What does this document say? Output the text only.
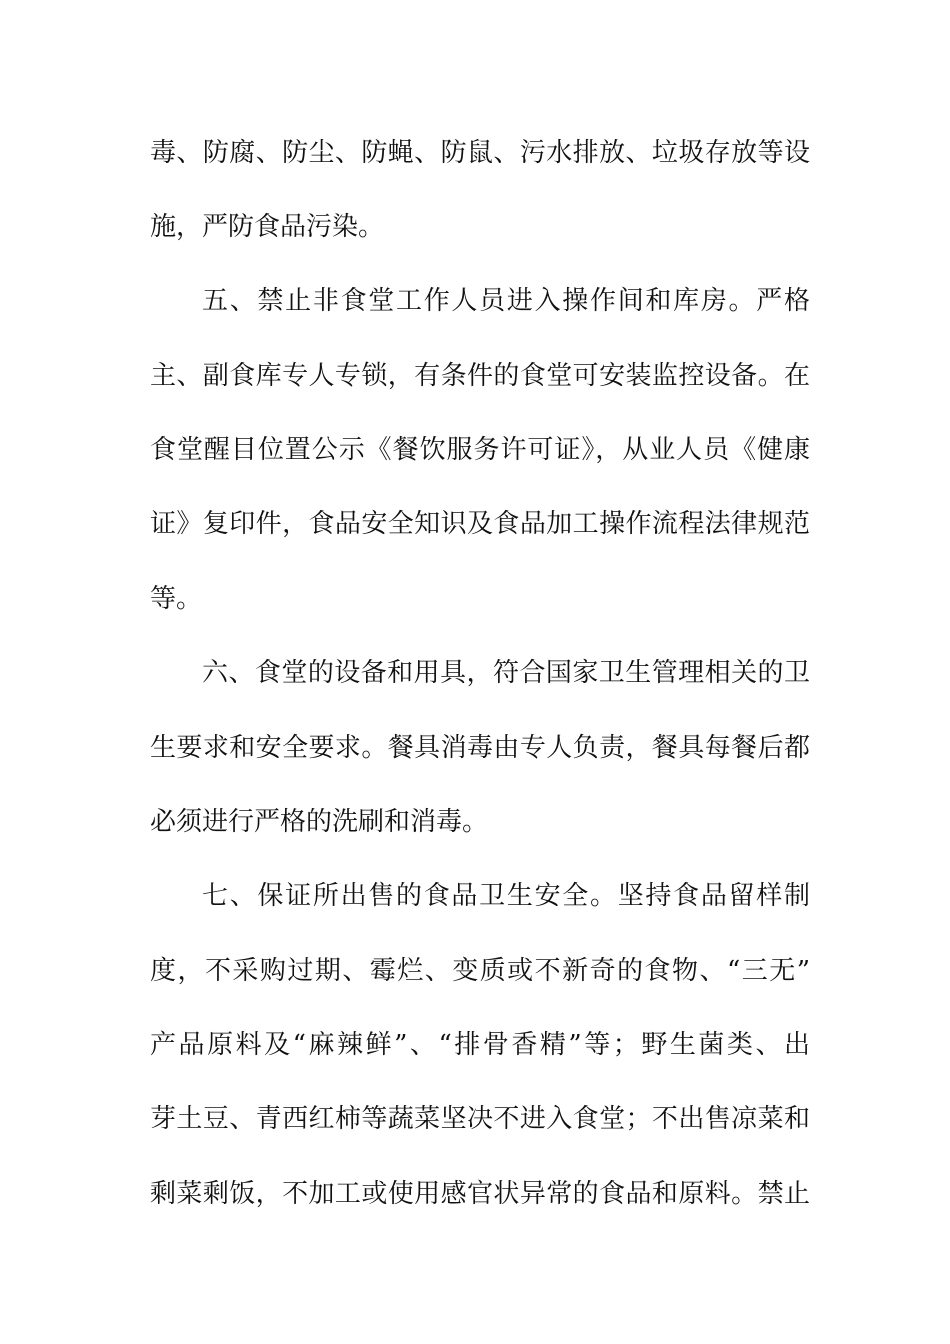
毒、防腐、防尘、防蝇、防鼠、污水排放、垃圾存放等设
施，严防食品污染。
五、禁止非食堂工作人员进入操作间和库房。严格
主、副食库专人专锁，有条件的食堂可安装监控设备。在
食堂醒目位置公示《餐饮服务许可证》，从业人员《健康
证》复印件，食品安全知识及食品加工操作流程法律规范
等。
六、食堂的设备和用具，符合国家卫生管理相关的卫
生要求和安全要求。餐具消毒由专人负责，餐具每餐后都
必须进行严格的洗刷和消毒。
七、保证所出售的食品卫生安全。坚持食品留样制
度，不采购过期、霉烂、变质或不新奇的食物、“三无”
产品原料及“麻辣鲜”、“排骨香精”等；野生菌类、出
芽土豆、青西红柿等蔬菜坚决不进入食堂；不出售凉菜和
剩菜剩饭，不加工或使用感官状异常的食品和原料。禁止
